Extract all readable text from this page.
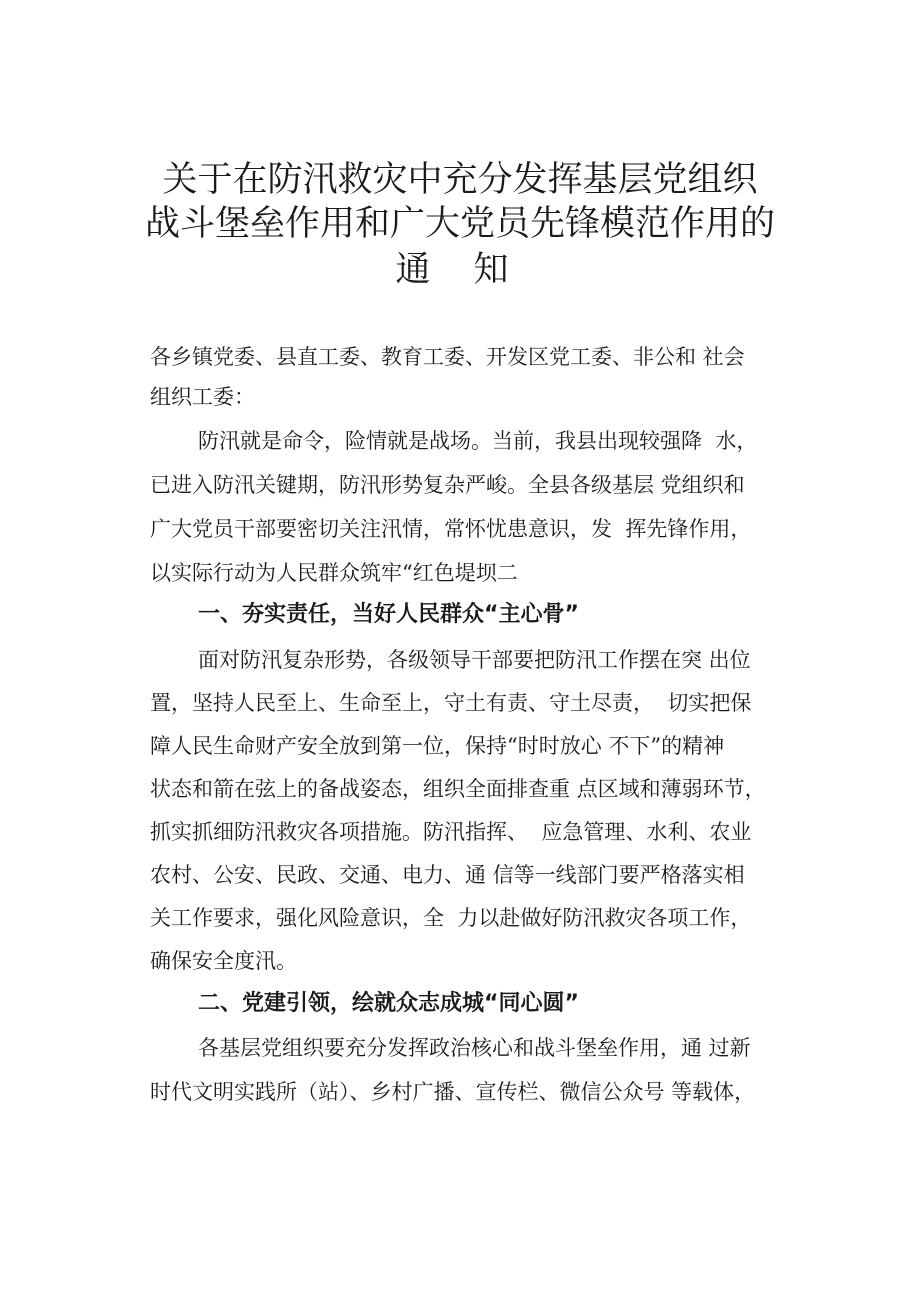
关于在防汛救灾中充分发挥基层党组织
战斗堡垒作用和广大党员先锋模范作用的
通 知

各乡镇党委、县直工委、教育工委、开发区党工委、非公和 社会

组织工委：

防汛就是命令，险情就是战场。当前，我县出现较强降  水，

已进入防汛关键期，防汛形势复杂严峻。全县各级基层 党组织和

广大党员干部要密切关注汛情，常怀忧患意识，发  挥先锋作用，

以实际行动为人民群众筑牢“红色堤坝二

一、夯实责任，当好人民群众“主心骨”

面对防汛复杂形势，各级领导干部要把防汛工作摆在突 出位

置，坚持人民至上、生命至上，守土有责、守土尽责，  切实把保

障人民生命财产安全放到第一位，保持“时时放心 不下”的精神

状态和箭在弦上的备战姿态，组织全面排查重 点区域和薄弱环节，

抓实抓细防汛救灾各项措施。防汛指挥、  应急管理、水利、农业

农村、公安、民政、交通、电力、通 信等一线部门要严格落实相

关工作要求，强化风险意识，全  力以赴做好防汛救灾各项工作，

确保安全度汛。

二、党建引领，绘就众志成城“同心圆”

各基层党组织要充分发挥政治核心和战斗堡垒作用，通 过新

时代文明实践所（站）、乡村广播、宣传栏、微信公众号 等载体，
